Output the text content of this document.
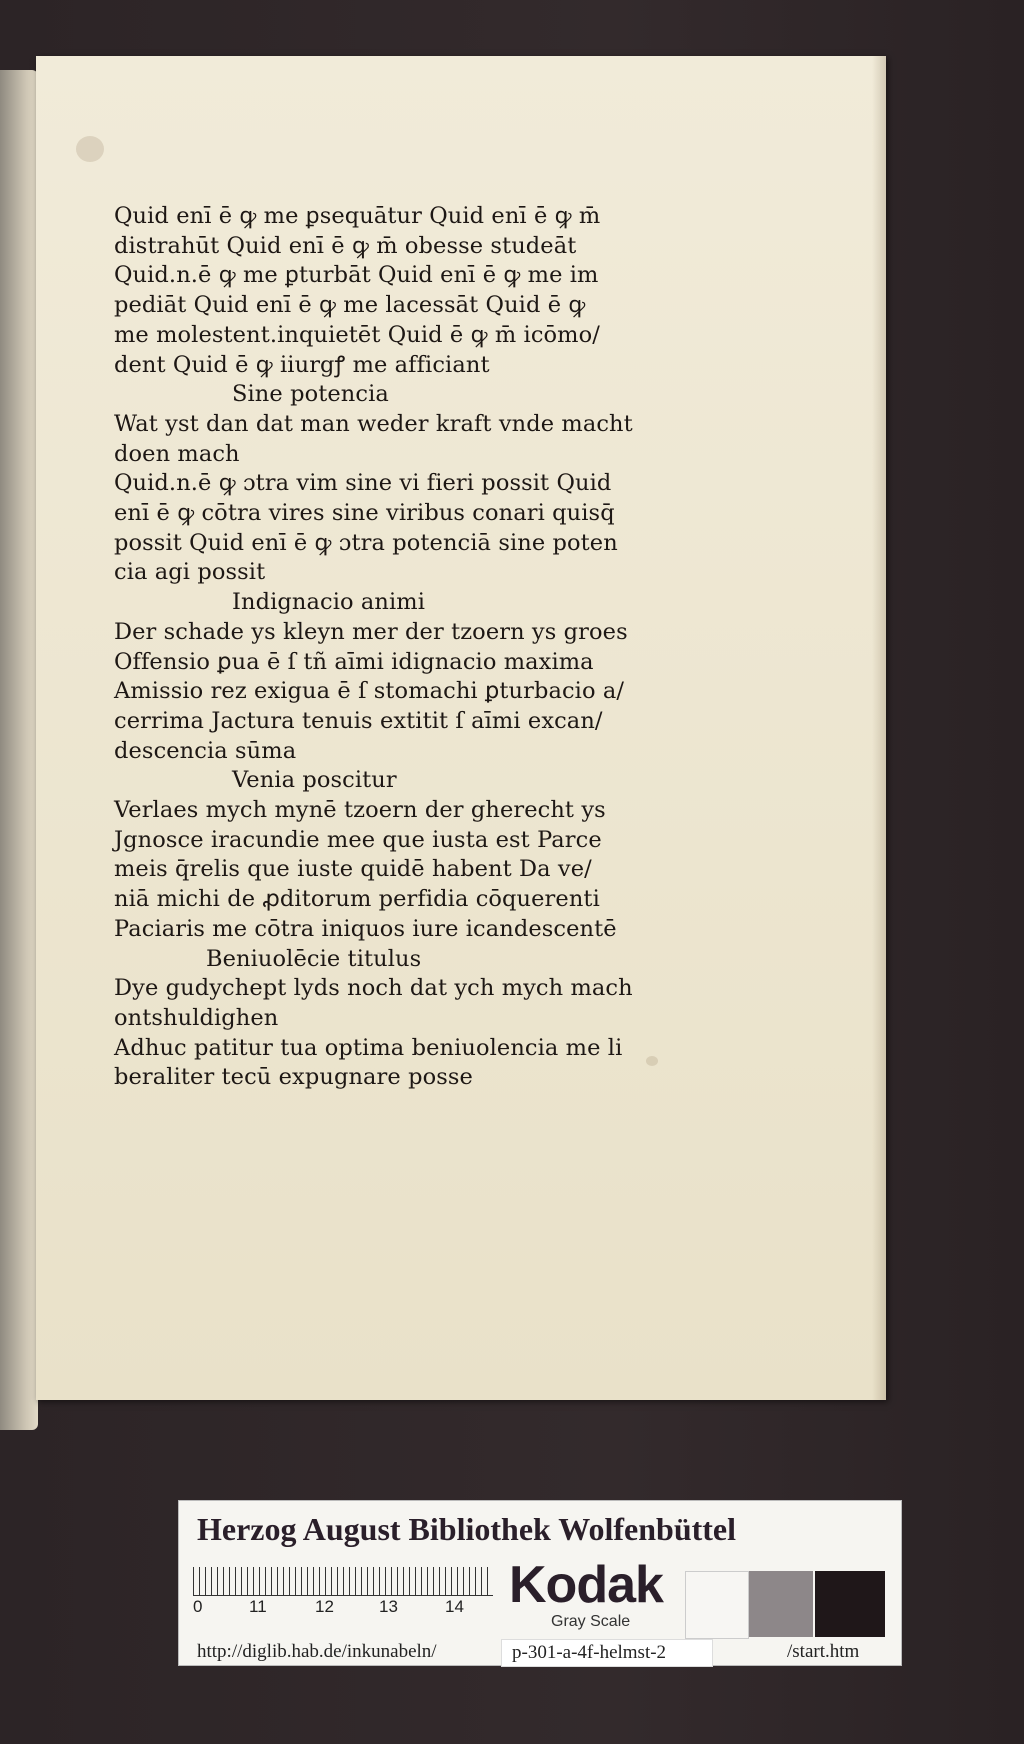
Quid enī ē ꝙ me ꝑsequātur Quid enī ē ꝙ m̄
distrahūt Quid enī ē ꝙ m̄ obesse studeāt
Quid.n.ē ꝙ me ꝑturbāt Quid enī ē ꝙ me im
pediāt Quid enī ē ꝙ me lacessāt Quid ē ꝙ
me molestent.inquietēt Quid ē ꝙ m̄ icōmo/
dent Quid ē ꝙ iiurgꝭ me afficiant
Sine potencia
Wat yst dan dat man weder kraft vnde macht
doen mach
Quid.n.ē ꝙ ɔtra vim sine vi fieri possit Quid
enī ē ꝙ cōtra vires sine viribus conari quisq̄
possit Quid enī ē ꝙ ɔtra potenciā sine poten
cia agi possit
Indignacio animi
Der schade ys kleyn mer der tzoern ys groes
Offensio ꝑua ē ſ tñ aīmi idignacio maxima
Amissio rez exigua ē ſ stomachi ꝑturbacio a/
cerrima Jactura tenuis extitit ſ aīmi excan/
descencia sūma
Venia poscitur
Verlaes mych mynē tzoern der gherecht ys
Jgnosce iracundie mee que iusta est Parce
meis q̄relis que iuste quidē habent Da ve/
niā michi de ꝓditorum perfidia cōquerenti
Paciaris me cōtra iniquos iure icandescentē
Beniuolēcie titulus
Dye gudychept lyds noch dat ych mych mach
ontshuldighen
Adhuc patitur tua optima beniuolencia me li
beraliter tecū expugnare posse
Herzog August Bibliothek Wolfenbüttel
0	11	12	13	14 Kodak
Gray Scale
http://diglib.hab.de/inkunabeln/	p-301-a-4f-helmst-2	/start.htm
